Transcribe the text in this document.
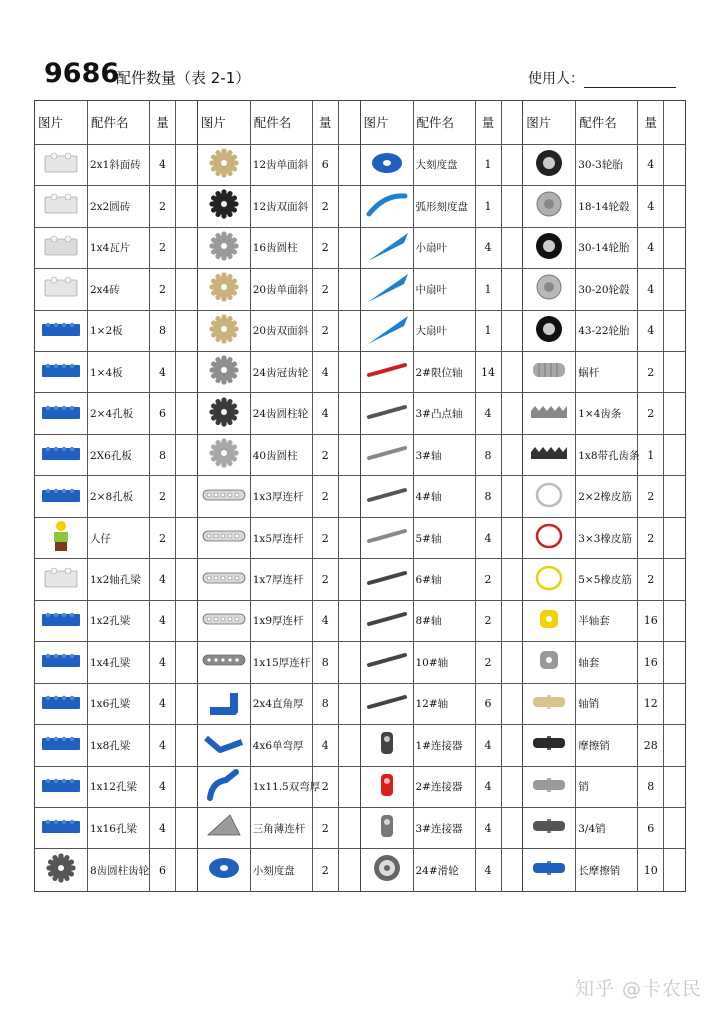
9686
配件数量（表 2-1）	使用人：
图片	配件名	量
2x1斜面砖	4
2x2圆砖	2
1x4瓦片	2
2x4砖	2
1×2板	8
1×4板	4
2×4孔板	6
2X6孔板	8
2×8孔板	2
人仔	2
1x2轴孔梁	4
1x2孔梁	4
1x4孔梁	4
1x6孔梁	4
1x8孔梁	4
1x12孔梁	4
1x16孔梁	4
8齿圆柱齿轮 6
图片	配件名	量
12齿单面斜	6
12齿双面斜	2
16齿圆柱	2
20齿单面斜	2
20齿双面斜	2
24齿冠齿轮	4
24齿圆柱轮	4
40齿圆柱	2
1x3厚连杆	2
1x5厚连杆	2
1x7厚连杆	2
1x9厚连杆	4
1x15厚连杆	8
2x4直角厚	8
4x6单弯厚	4
1x11.5双弯厚 2
三角薄连杆	2
小刻度盘	2
图片	配件名	量
大刻度盘	1
弧形刻度盘	1
小扇叶	4
中扇叶	1
大扇叶	1
2#限位轴	14
3#凸点轴	4
3#轴	8
4#轴	8
5#轴	4
6#轴	2
8#轴	2
10#轴	2
12#轴	6
1#连接器	4
2#连接器	4
3#连接器	4
24#滑轮	4
图片	配件名	量
30-3轮胎	4
18-14轮毂	4
30-14轮胎	4
30-20轮毂	4
43-22轮胎	4
蜗杆	2
1×4齿条	2
1x8带孔齿条 1
2×2橡皮筋	2
3×3橡皮筋	2
5×5橡皮筋	2
半轴套	16
轴套	16
轴销	12
摩擦销	28
销	8
3/4销	6
长摩擦销	10
知乎 @卡农民
